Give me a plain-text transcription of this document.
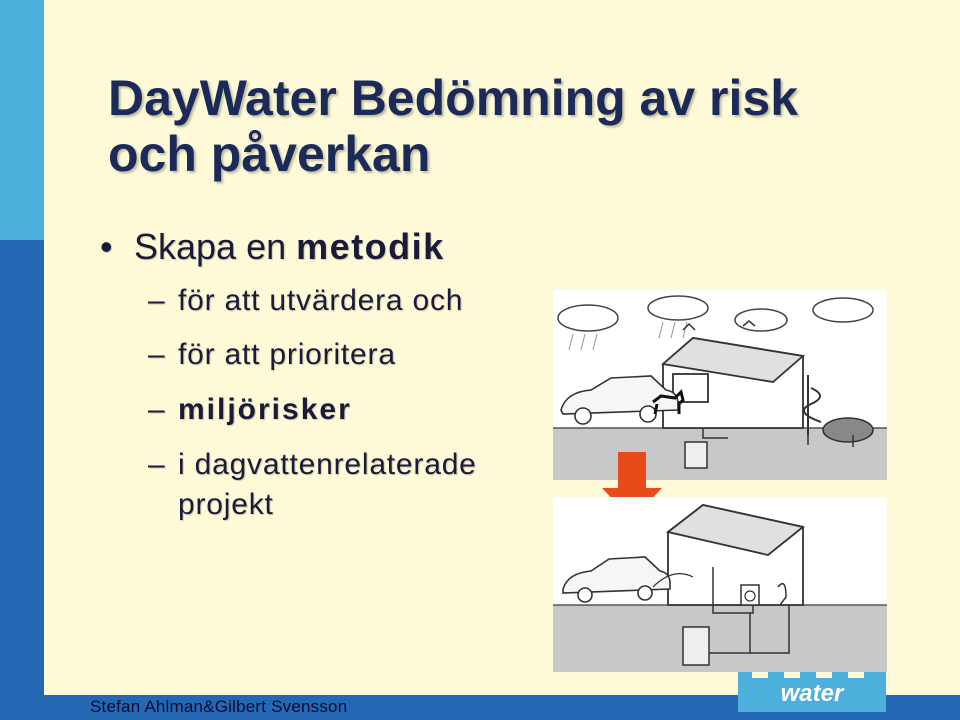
Stefan Ahlman&Gilbert Svensson
DayWater Bedömning av risk och påverkan
• Skapa en metodik
– för att utvärdera och
– för att prioritera
– miljörisker
– i dagvattenrelaterade
projekt
water
